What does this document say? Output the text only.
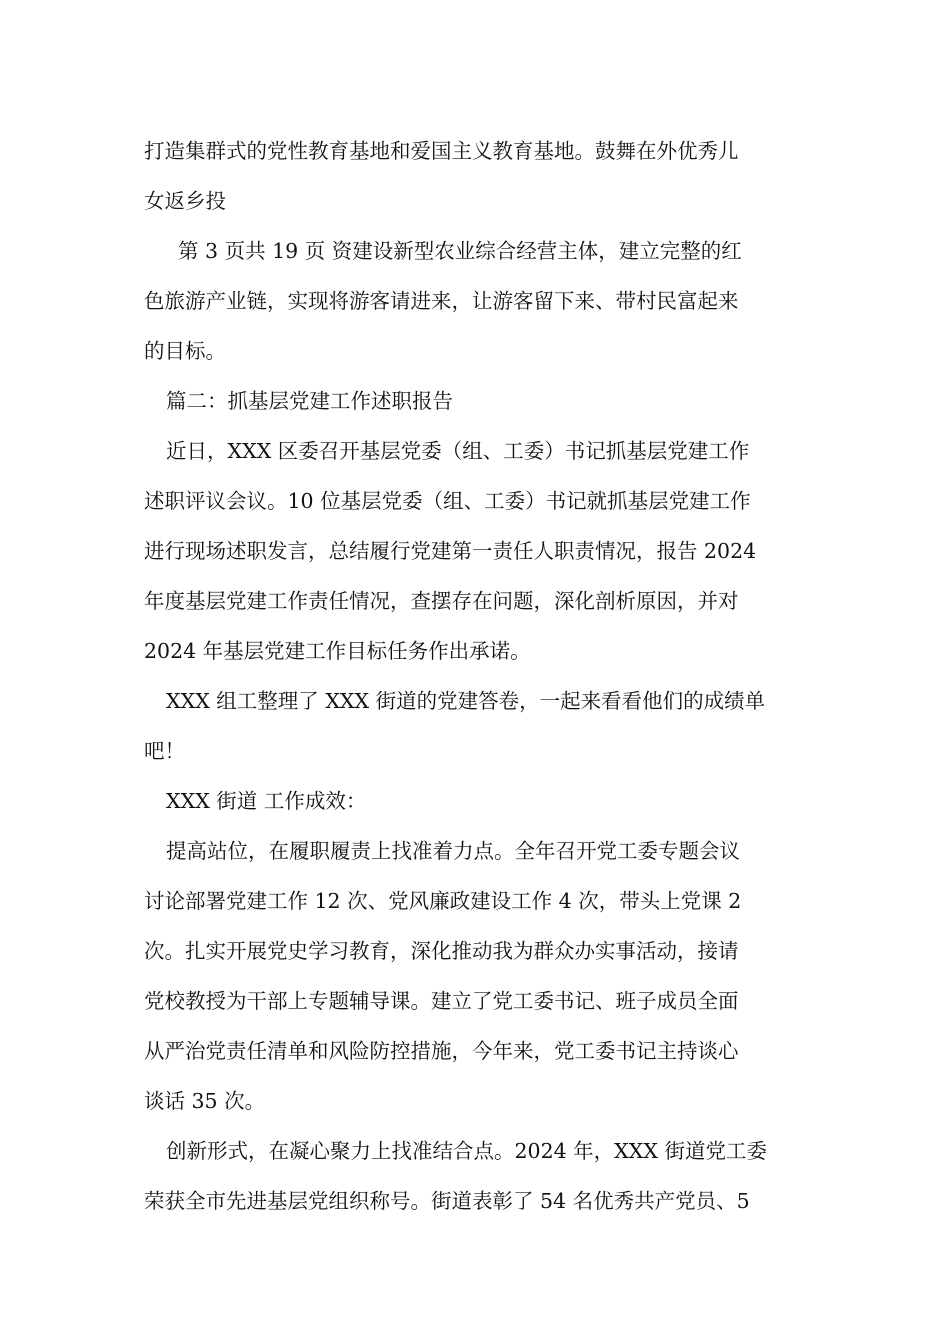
打造集群式的党性教育基地和爱国主义教育基地。鼓舞在外优秀儿
女返乡投
第 3 页共 19 页 资建设新型农业综合经营主体，建立完整的红
色旅游产业链，实现将游客请进来，让游客留下来、带村民富起来
的目标。
篇二：抓基层党建工作述职报告
近日，XXX 区委召开基层党委（组、工委）书记抓基层党建工作
述职评议会议。10 位基层党委（组、工委）书记就抓基层党建工作
进行现场述职发言，总结履行党建第一责任人职责情况，报告 2024
年度基层党建工作责任情况，查摆存在问题，深化剖析原因，并对
2024 年基层党建工作目标任务作出承诺。
XXX 组工整理了 XXX 街道的党建答卷，一起来看看他们的成绩单
吧！
XXX 街道 工作成效：
提高站位，在履职履责上找准着力点。全年召开党工委专题会议
讨论部署党建工作 12 次、党风廉政建设工作 4 次，带头上党课 2
次。扎实开展党史学习教育，深化推动我为群众办实事活动，接请
党校教授为干部上专题辅导课。建立了党工委书记、班子成员全面
从严治党责任清单和风险防控措施，今年来，党工委书记主持谈心
谈话 35 次。
创新形式，在凝心聚力上找准结合点。2024 年，XXX 街道党工委
荣获全市先进基层党组织称号。街道表彰了 54 名优秀共产党员、5
